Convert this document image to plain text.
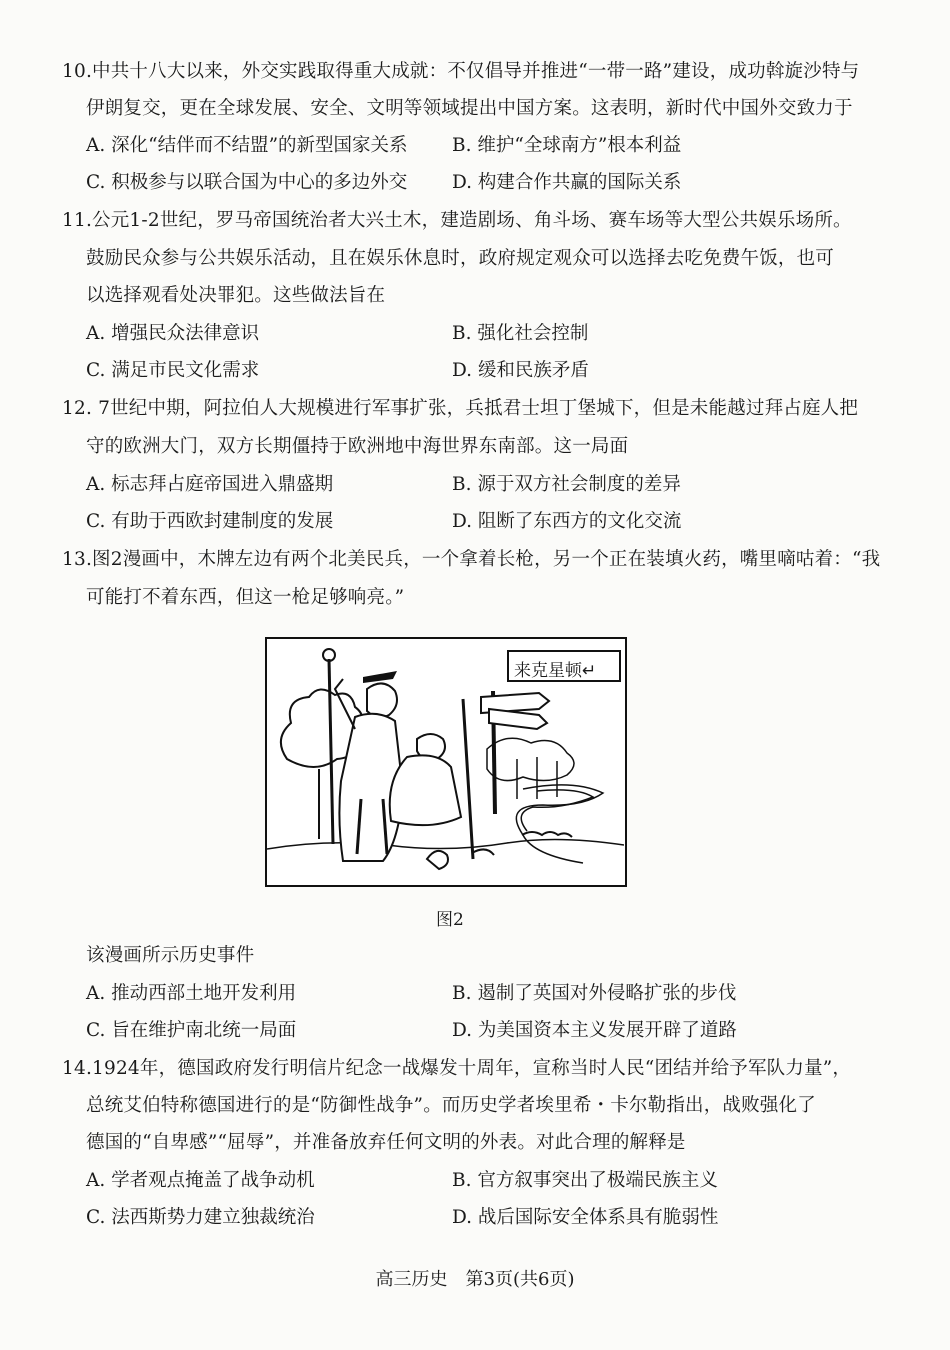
10.中共十八大以来，外交实践取得重大成就：不仅倡导并推进“一带一路”建设，成功斡旋沙特与
伊朗复交，更在全球发展、安全、文明等领域提出中国方案。这表明，新时代中国外交致力于
A. 深化“结伴而不结盟”的新型国家关系 B. 维护“全球南方”根本利益
C. 积极参与以联合国为中心的多边外交 D. 构建合作共赢的国际关系
11.公元1-2世纪，罗马帝国统治者大兴土木，建造剧场、角斗场、赛车场等大型公共娱乐场所。
鼓励民众参与公共娱乐活动，且在娱乐休息时，政府规定观众可以选择去吃免费午饭，也可
以选择观看处决罪犯。这些做法旨在
A. 增强民众法律意识	B. 强化社会控制
C. 满足市民文化需求	D. 缓和民族矛盾
12. 7世纪中期，阿拉伯人大规模进行军事扩张，兵抵君士坦丁堡城下，但是未能越过拜占庭人把
守的欧洲大门，双方长期僵持于欧洲地中海世界东南部。这一局面
A. 标志拜占庭帝国进入鼎盛期	B. 源于双方社会制度的差异
C. 有助于西欧封建制度的发展	D. 阻断了东西方的文化交流
13.图2漫画中，木牌左边有两个北美民兵，一个拿着长枪，另一个正在装填火药，嘴里嘀咕着：“我
可能打不着东西，但这一枪足够响亮。”
来克星顿↵
图2
该漫画所示历史事件
A. 推动西部土地开发利用	B. 遏制了英国对外侵略扩张的步伐
C. 旨在维护南北统一局面	D. 为美国资本主义发展开辟了道路
14.1924年，德国政府发行明信片纪念一战爆发十周年，宣称当时人民“团结并给予军队力量”，
总统艾伯特称德国进行的是“防御性战争”。而历史学者埃里希・卡尔勒指出，战败强化了
德国的“自卑感”“屈辱”，并准备放弃任何文明的外表。对此合理的解释是
A. 学者观点掩盖了战争动机	B. 官方叙事突出了极端民族主义
C. 法西斯势力建立独裁统治	D. 战后国际安全体系具有脆弱性
高三历史　第3页(共6页)
